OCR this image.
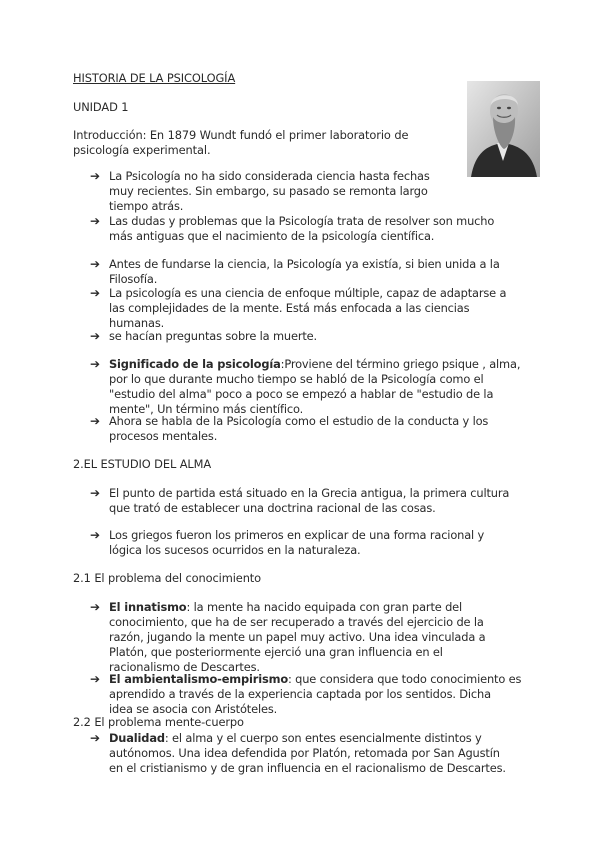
HISTORIA DE LA PSICOLOGÍA
UNIDAD 1
Introducción: En 1879 Wundt fundó el primer laboratorio de
psicología experimental.
➔ La Psicología no ha sido considerada ciencia hasta fechas
muy recientes. Sin embargo, su pasado se remonta largo
tiempo atrás.
➔ Las dudas y problemas que la Psicología trata de resolver son mucho
más antiguas que el nacimiento de la psicología científica.
➔ Antes de fundarse la ciencia, la Psicología ya existía, si bien unida a la
Filosofía.
➔ La psicología es una ciencia de enfoque múltiple, capaz de adaptarse a
las complejidades de la mente. Está más enfocada a las ciencias
humanas.
➔ se hacían preguntas sobre la muerte.
➔ Significado de la psicología:Proviene del término griego psique , alma,
por lo que durante mucho tiempo se habló de la Psicología como el
"estudio del alma" poco a poco se empezó a hablar de "estudio de la
mente", Un término más científico.
➔ Ahora se habla de la Psicología como el estudio de la conducta y los
procesos mentales.
2.EL ESTUDIO DEL ALMA
➔ El punto de partida está situado en la Grecia antigua, la primera cultura
que trató de establecer una doctrina racional de las cosas.
➔ Los griegos fueron los primeros en explicar de una forma racional y
lógica los sucesos ocurridos en la naturaleza.
2.1 El problema del conocimiento
➔ El innatismo: la mente ha nacido equipada con gran parte del
conocimiento, que ha de ser recuperado a través del ejercicio de la
razón, jugando la mente un papel muy activo. Una idea vinculada a
Platón, que posteriormente ejerció una gran influencia en el
racionalismo de Descartes.
➔ El ambientalismo-empirismo: que considera que todo conocimiento es
aprendido a través de la experiencia captada por los sentidos. Dicha
idea se asocia con Aristóteles.
2.2 El problema mente-cuerpo
➔ Dualidad: el alma y el cuerpo son entes esencialmente distintos y
autónomos. Una idea defendida por Platón, retomada por San Agustín
en el cristianismo y de gran influencia en el racionalismo de Descartes.
